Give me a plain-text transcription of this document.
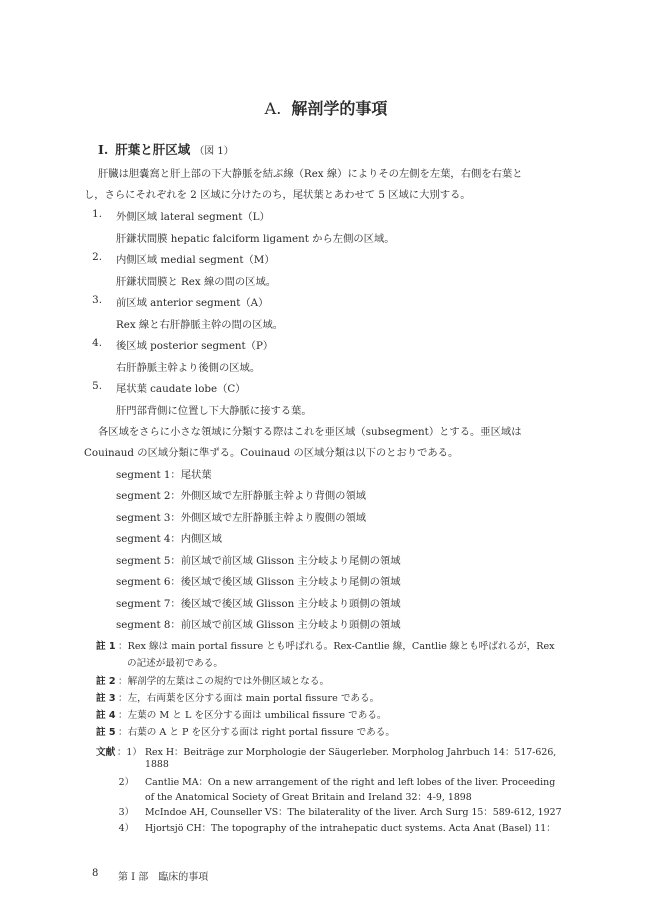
A. 解剖学的事項
I. 肝葉と肝区域 （図 1）
肝臓は胆嚢窩と肝上部の下大静脈を結ぶ線（Rex 線）によりその左側を左葉，右側を右葉と
し，さらにそれぞれを 2 区域に分けたのち，尾状葉とあわせて 5 区域に大別する。
1. 外側区域 lateral segment（L）
肝鎌状間膜 hepatic falciform ligament から左側の区域。
2. 内側区域 medial segment（M）
肝鎌状間膜と Rex 線の間の区域。
3. 前区域 anterior segment（A）
Rex 線と右肝静脈主幹の間の区域。
4. 後区域 posterior segment（P）
右肝静脈主幹より後側の区域。
5. 尾状葉 caudate lobe（C）
肝門部背側に位置し下大静脈に接する葉。
各区域をさらに小さな領域に分類する際はこれを亜区域（subsegment）とする。亜区域は
Couinaud の区域分類に準ずる。Couinaud の区域分類は以下のとおりである。
segment 1：尾状葉
segment 2：外側区域で左肝静脈主幹より背側の領域
segment 3：外側区域で左肝静脈主幹より腹側の領域
segment 4：内側区域
segment 5：前区域で前区域 Glisson 主分岐より尾側の領域
segment 6：後区域で後区域 Glisson 主分岐より尾側の領域
segment 7：後区域で後区域 Glisson 主分岐より頭側の領域
segment 8：前区域で前区域 Glisson 主分岐より頭側の領域
註 1 ：Rex 線は main portal fissure とも呼ばれる。Rex-Cantlie 線，Cantlie 線とも呼ばれるが，Rex
の記述が最初である。
註 2 ：解剖学的左葉はこの規約では外側区域となる。
註 3 ：左，右両葉を区分する面は main portal fissure である。
註 4 ：左葉の M と L を区分する面は umbilical fissure である。
註 5 ：右葉の A と P を区分する面は right portal fissure である。
文献 ：1） Rex H：Beiträge zur Morphologie der Säugerleber. Morpholog Jahrbuch 14：517-626,
1888
2） Cantlie MA：On a new arrangement of the right and left lobes of the liver. Proceeding
of the Anatomical Society of Great Britain and Ireland 32：4-9, 1898
3） McIndoe AH, Counseller VS：The bilaterality of the liver. Arch Surg 15：589-612, 1927
4） Hjortsjö CH：The topography of the intrahepatic duct systems. Acta Anat (Basel) 11：
8 第 I 部　臨床的事項
